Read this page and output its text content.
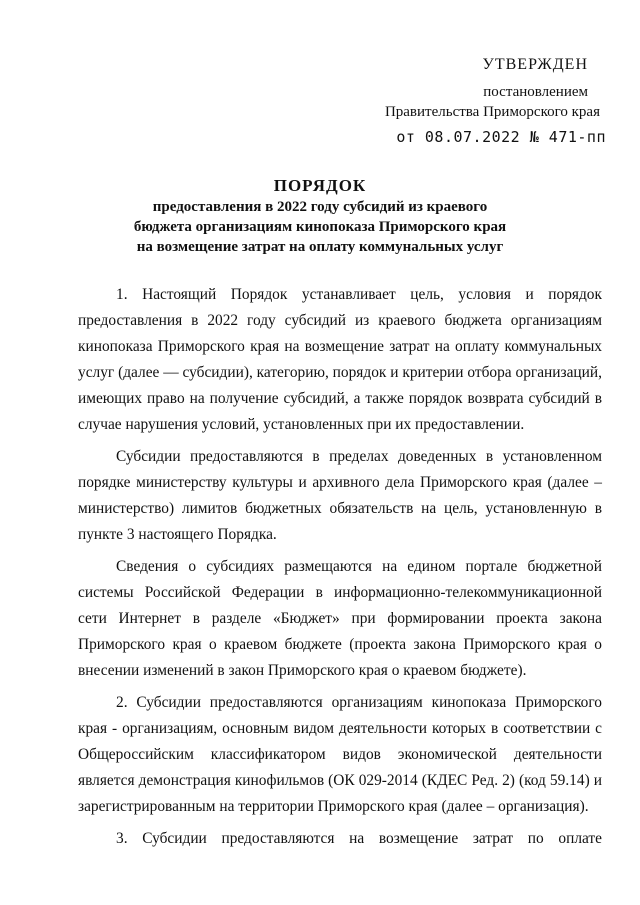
УТВЕРЖДЕН
постановлением
Правительства Приморского края
от 08.07.2022 № 471-пп
ПОРЯДОК
предоставления в 2022 году субсидий из краевого
бюджета организациям кинопоказа Приморского края
на возмещение затрат на оплату коммунальных услуг

1. Настоящий Порядок устанавливает цель, условия и порядок предоставления в 2022 году субсидий из краевого бюджета организациям кинопоказа Приморского края на возмещение затрат на оплату коммунальных услуг (далее — субсидии), категорию, порядок и критерии отбора организаций, имеющих право на получение субсидий, а также порядок возврата субсидий в случае нарушения условий, установленных при их предоставлении.

Субсидии предоставляются в пределах доведенных в установленном порядке министерству культуры и архивного дела Приморского края (далее – министерство) лимитов бюджетных обязательств на цель, установленную в пункте 3 настоящего Порядка.

Сведения о субсидиях размещаются на едином портале бюджетной системы Российской Федерации в информационно-телекоммуникационной сети Интернет в разделе «Бюджет» при формировании проекта закона Приморского края о краевом бюджете (проекта закона Приморского края о внесении изменений в закон Приморского края о краевом бюджете).

2. Субсидии предоставляются организациям кинопоказа Приморского края - организациям, основным видом деятельности которых в соответствии с Общероссийским классификатором видов экономической деятельности является демонстрация кинофильмов (ОК 029-2014 (КДЕС Ред. 2) (код 59.14) и зарегистрированным на территории Приморского края (далее – организация).

3. Субсидии предоставляются на возмещение затрат по оплате
